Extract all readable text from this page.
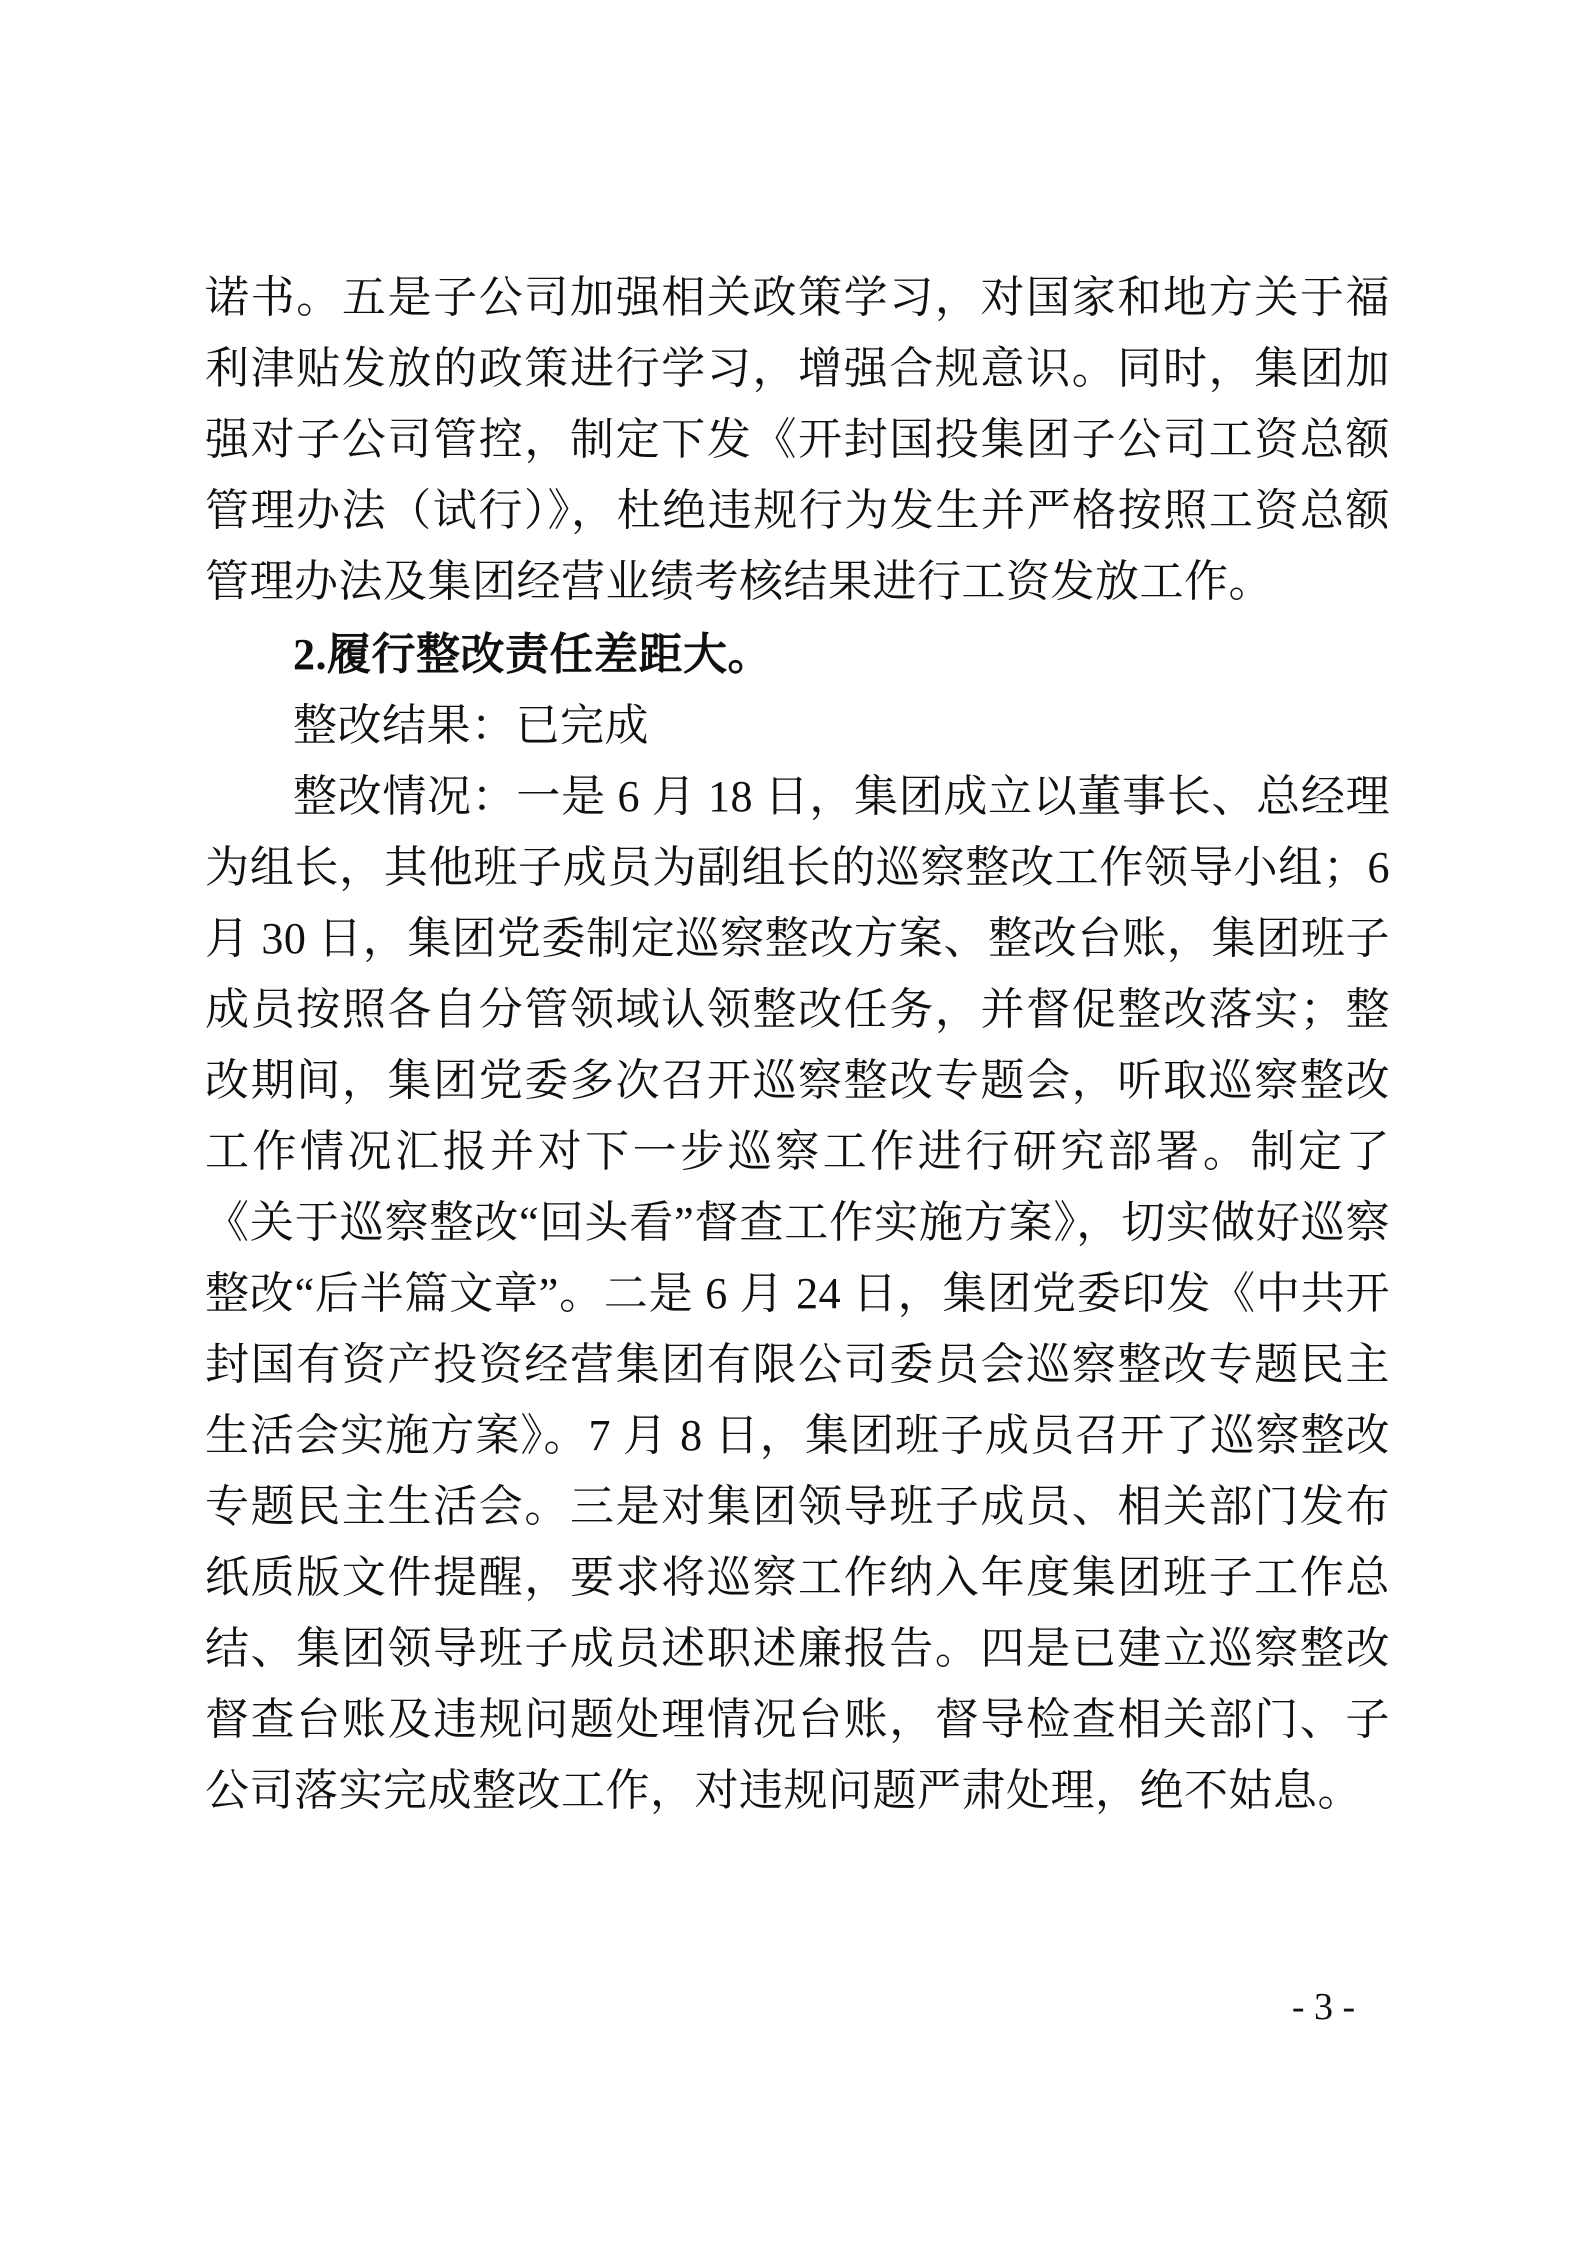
诺书。五是子公司加强相关政策学习，对国家和地方关于福利津贴发放的政策进行学习，增强合规意识。同时，集团加强对子公司管控，制定下发《开封国投集团子公司工资总额管理办法（试行）》，杜绝违规行为发生并严格按照工资总额管理办法及集团经营业绩考核结果进行工资发放工作。

2.履行整改责任差距大。

整改结果：已完成

整改情况：一是 6 月 18 日，集团成立以董事长、总经理为组长，其他班子成员为副组长的巡察整改工作领导小组；6 月 30 日，集团党委制定巡察整改方案、整改台账，集团班子成员按照各自分管领域认领整改任务，并督促整改落实；整改期间，集团党委多次召开巡察整改专题会，听取巡察整改工作情况汇报并对下一步巡察工作进行研究部署。制定了《关于巡察整改“回头看”督查工作实施方案》，切实做好巡察整改“后半篇文章”。二是 6 月 24 日，集团党委印发《中共开封国有资产投资经营集团有限公司委员会巡察整改专题民主生活会实施方案》。7 月 8 日，集团班子成员召开了巡察整改专题民主生活会。三是对集团领导班子成员、相关部门发布纸质版文件提醒，要求将巡察工作纳入年度集团班子工作总结、集团领导班子成员述职述廉报告。四是已建立巡察整改督查台账及违规问题处理情况台账，督导检查相关部门、子公司落实完成整改工作，对违规问题严肃处理，绝不姑息。

- 3 -
